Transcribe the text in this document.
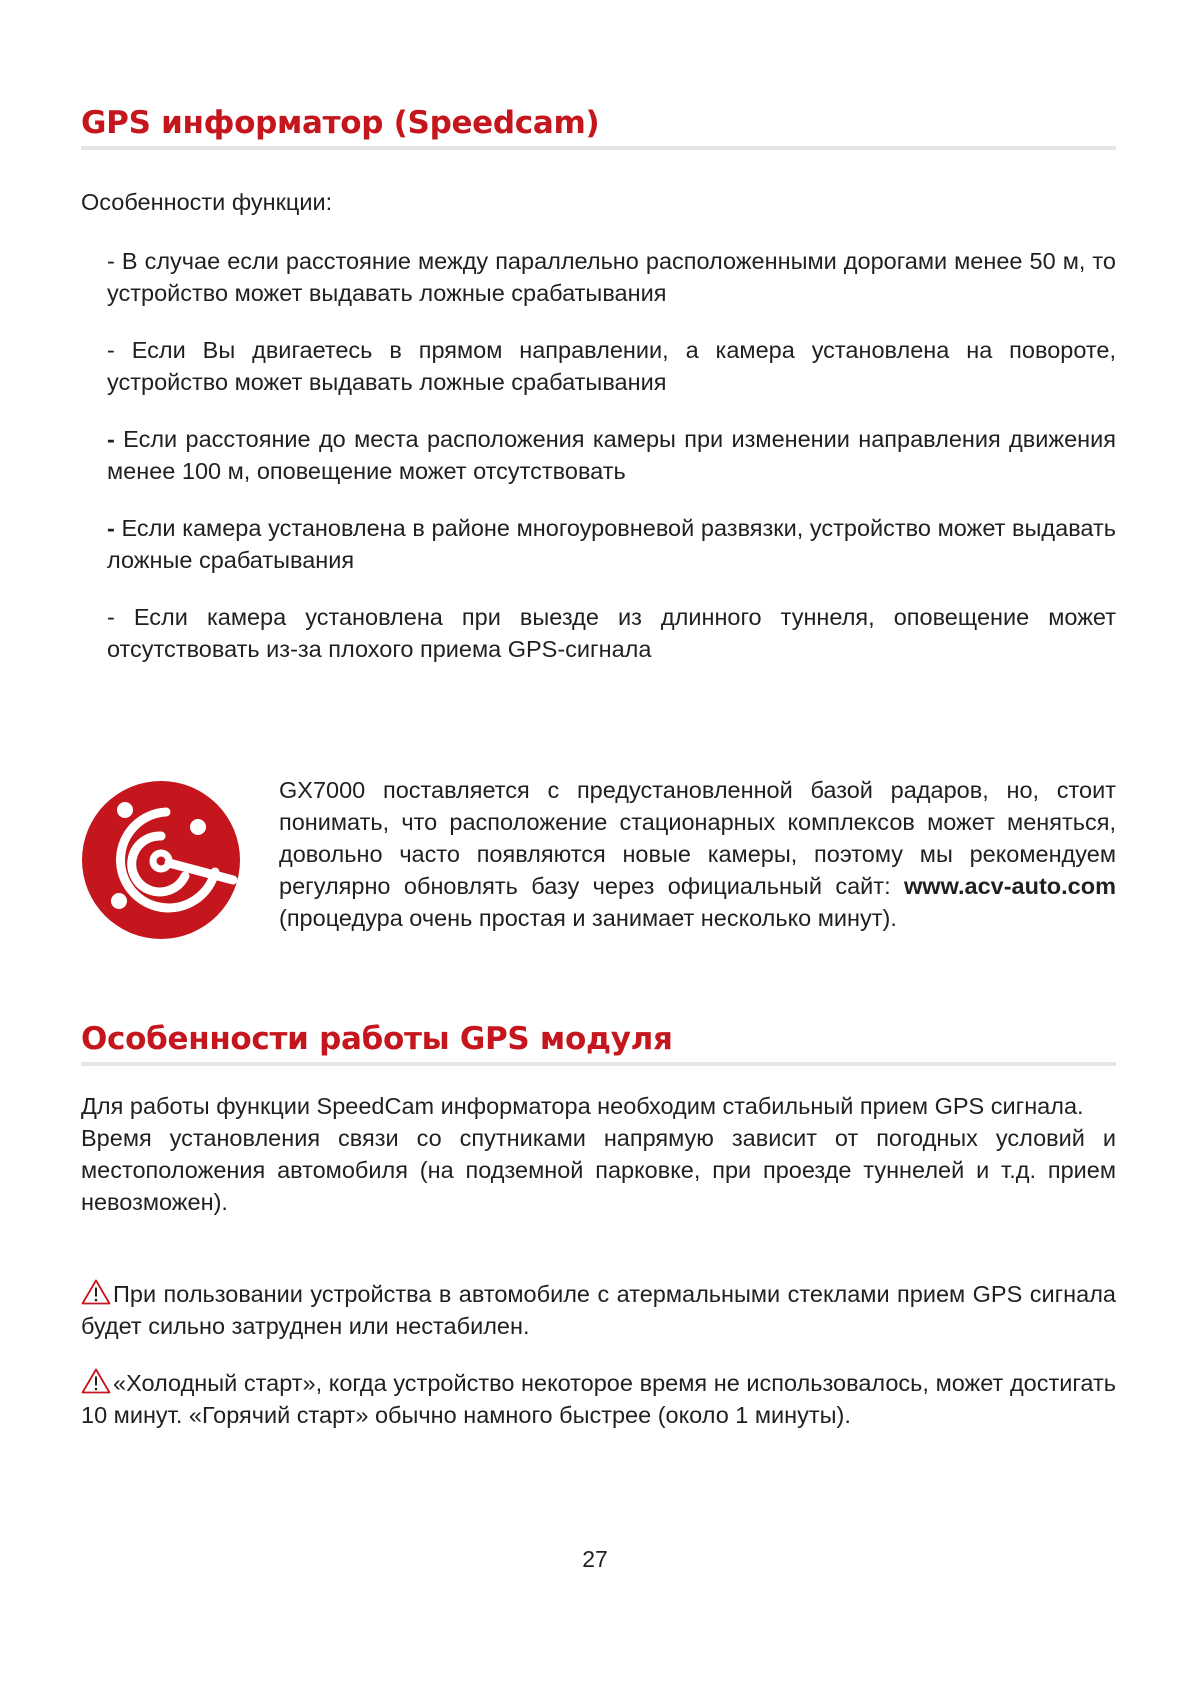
GPS информатор (Speedcam)
Особенности функции:
- В случае если расстояние между параллельно расположенными дорогами менее 50 м, то устройство может выдавать ложные срабатывания
- Если Вы двигаетесь в прямом направлении, а камера установлена на повороте, устройство может выдавать ложные срабатывания
- Если расстояние до места расположения камеры при изменении направления движения менее 100 м, оповещение может отсутствовать
- Если камера установлена в районе многоуровневой развязки, устройство может выдавать ложные срабатывания
- Если камера установлена при выезде из длинного туннеля, оповещение может отсутствовать из-за плохого приема GPS-сигнала
GX7000 поставляется с предустановленной базой радаров, но, стоит понимать, что расположение стационарных комплексов может меняться, довольно часто появляются новые камеры, поэтому мы рекомендуем регулярно обновлять базу через официальный сайт: www.acv-auto.com (процедура очень простая и занимает несколько минут).
Особенности работы GPS модуля

Для работы функции SpeedCam информатора необходим стабильный прием GPS сигнала.

Время установления связи со спутниками напрямую зависит от погодных условий и местоположения автомобиля (на подземной парковке, при проезде туннелей и т.д. прием невозможен).

При пользовании устройства в автомобиле с атермальными стеклами прием GPS сигнала будет сильно затруднен или нестабилен.
«Холодный старт», когда устройство некоторое время не использовалось, может достигать 10 минут. «Горячий старт» обычно намного быстрее (около 1 минуты).
27
